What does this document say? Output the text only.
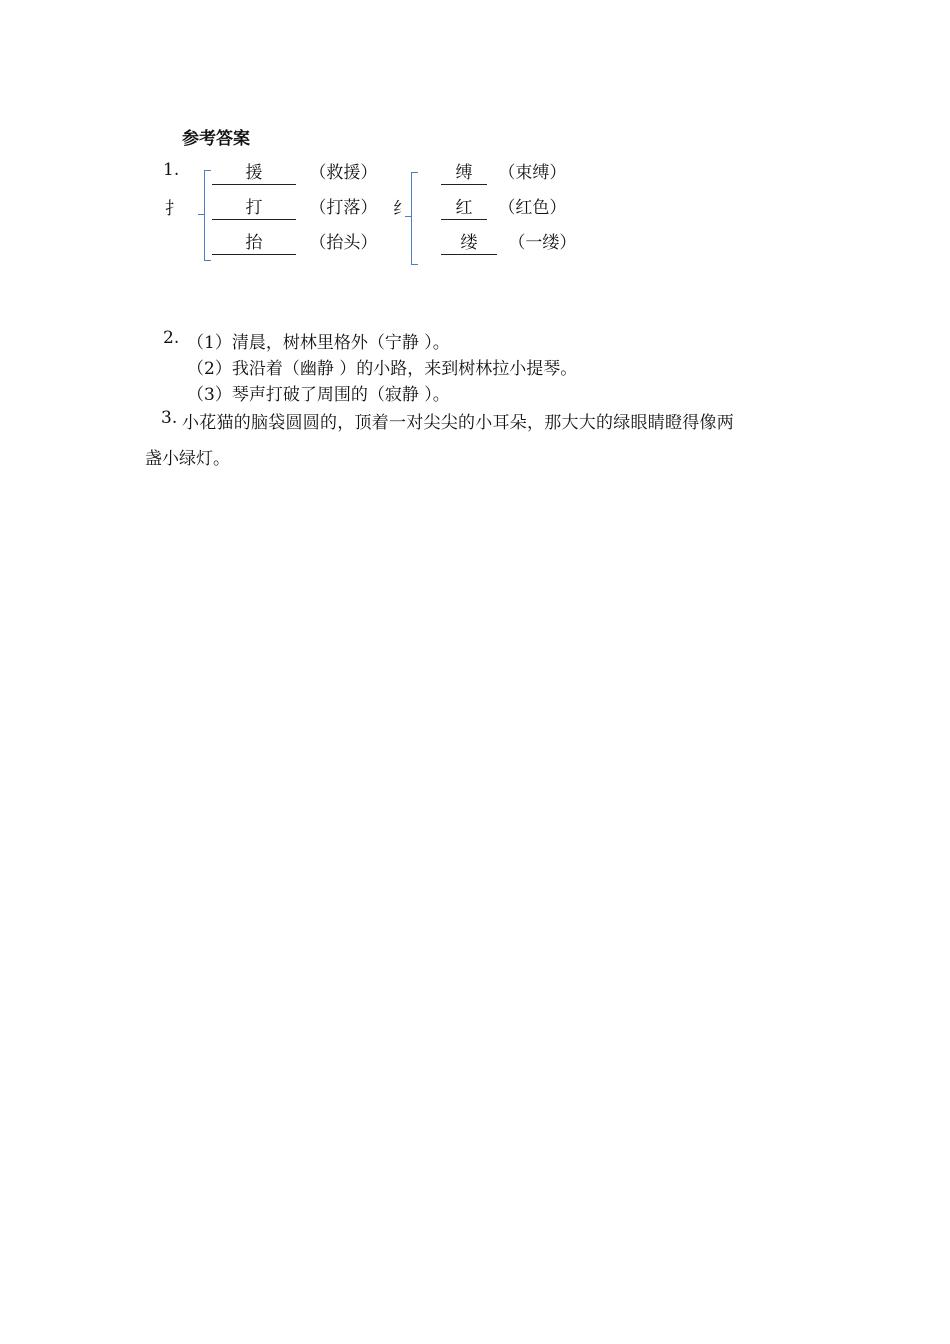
参考答案
1.
扌
援	（救援）
打	（打落）
抬	（抬头）
纟
缚 （束缚）
红 （红色）
缕 （一缕）
2. （1）清晨，树林里格外（宁静 ）。
（2）我沿着（幽静 ）的小路，来到树林拉小提琴。
（3）琴声打破了周围的（寂静 ）。
3. 小花猫的脑袋圆圆的，顶着一对尖尖的小耳朵，那大大的绿眼睛瞪得像两
盏小绿灯。
